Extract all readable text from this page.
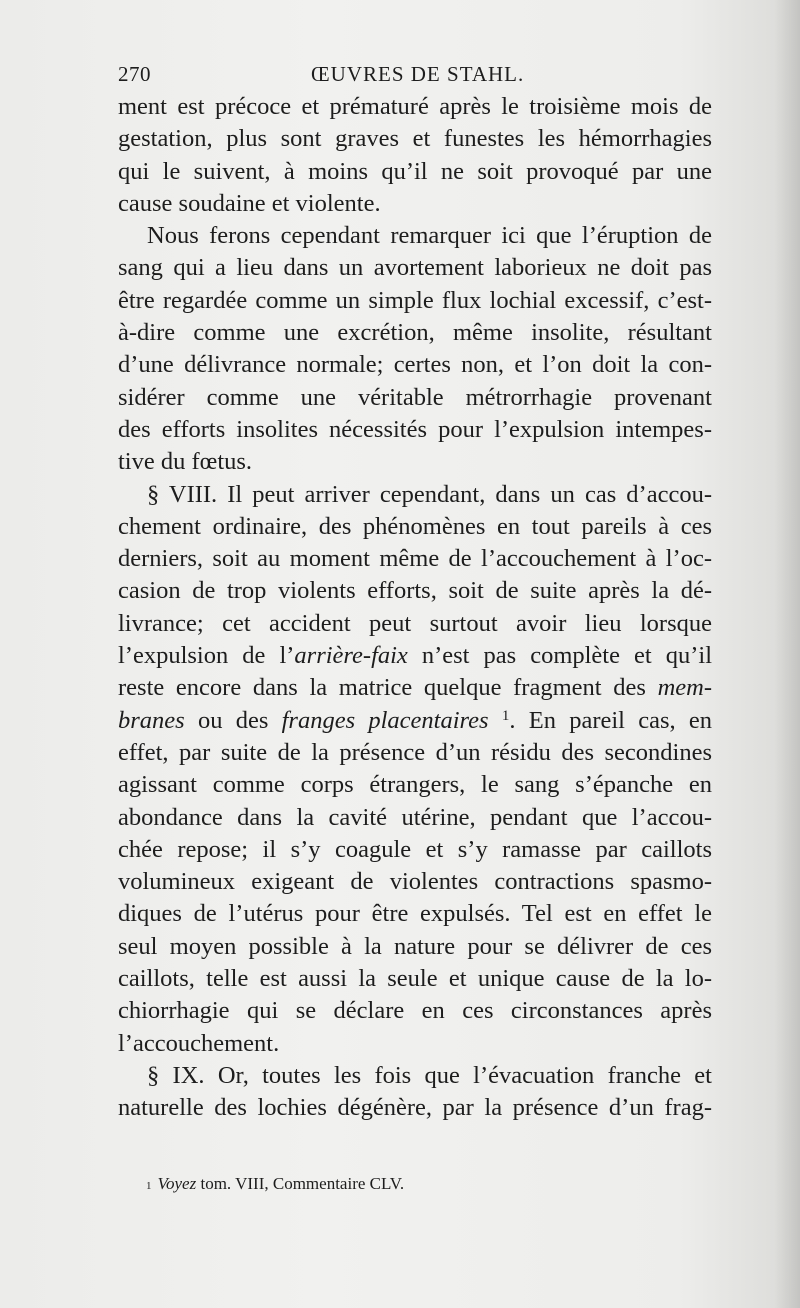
270	ŒUVRES DE STAHL.
ment est précoce et prématuré après le troisième mois de
gestation, plus sont graves et funestes les hémorrhagies
qui le suivent, à moins qu’il ne soit provoqué par une
cause soudaine et violente.
Nous ferons cependant remarquer ici que l’éruption de
sang qui a lieu dans un avortement laborieux ne doit pas
être regardée comme un simple flux lochial excessif, c’est-
à-dire comme une excrétion, même insolite, résultant
d’une délivrance normale; certes non, et l’on doit la con-
sidérer comme une véritable métrorrhagie provenant
des efforts insolites nécessités pour l’expulsion intempes-
tive du fœtus.
§ VIII. Il peut arriver cependant, dans un cas d’accou-
chement ordinaire, des phénomènes en tout pareils à ces
derniers, soit au moment même de l’accouchement à l’oc-
casion de trop violents efforts, soit de suite après la dé-
livrance; cet accident peut surtout avoir lieu lorsque
l’expulsion de l’arrière-faix n’est pas complète et qu’il
reste encore dans la matrice quelque fragment des mem-
branes ou des franges placentaires $^1$. En pareil cas, en
effet, par suite de la présence d’un résidu des secondines
agissant comme corps étrangers, le sang s’épanche en
abondance dans la cavité utérine, pendant que l’accou-
chée repose; il s’y coagule et s’y ramasse par caillots
volumineux exigeant de violentes contractions spasmo-
diques de l’utérus pour être expulsés. Tel est en effet le
seul moyen possible à la nature pour se délivrer de ces
caillots, telle est aussi la seule et unique cause de la lo-
chiorrhagie qui se déclare en ces circonstances après
l’accouchement.
§ IX. Or, toutes les fois que l’évacuation franche et
naturelle des lochies dégénère, par la présence d’un frag-
$^1$ Voyez tom. VIII, Commentaire CLV.
